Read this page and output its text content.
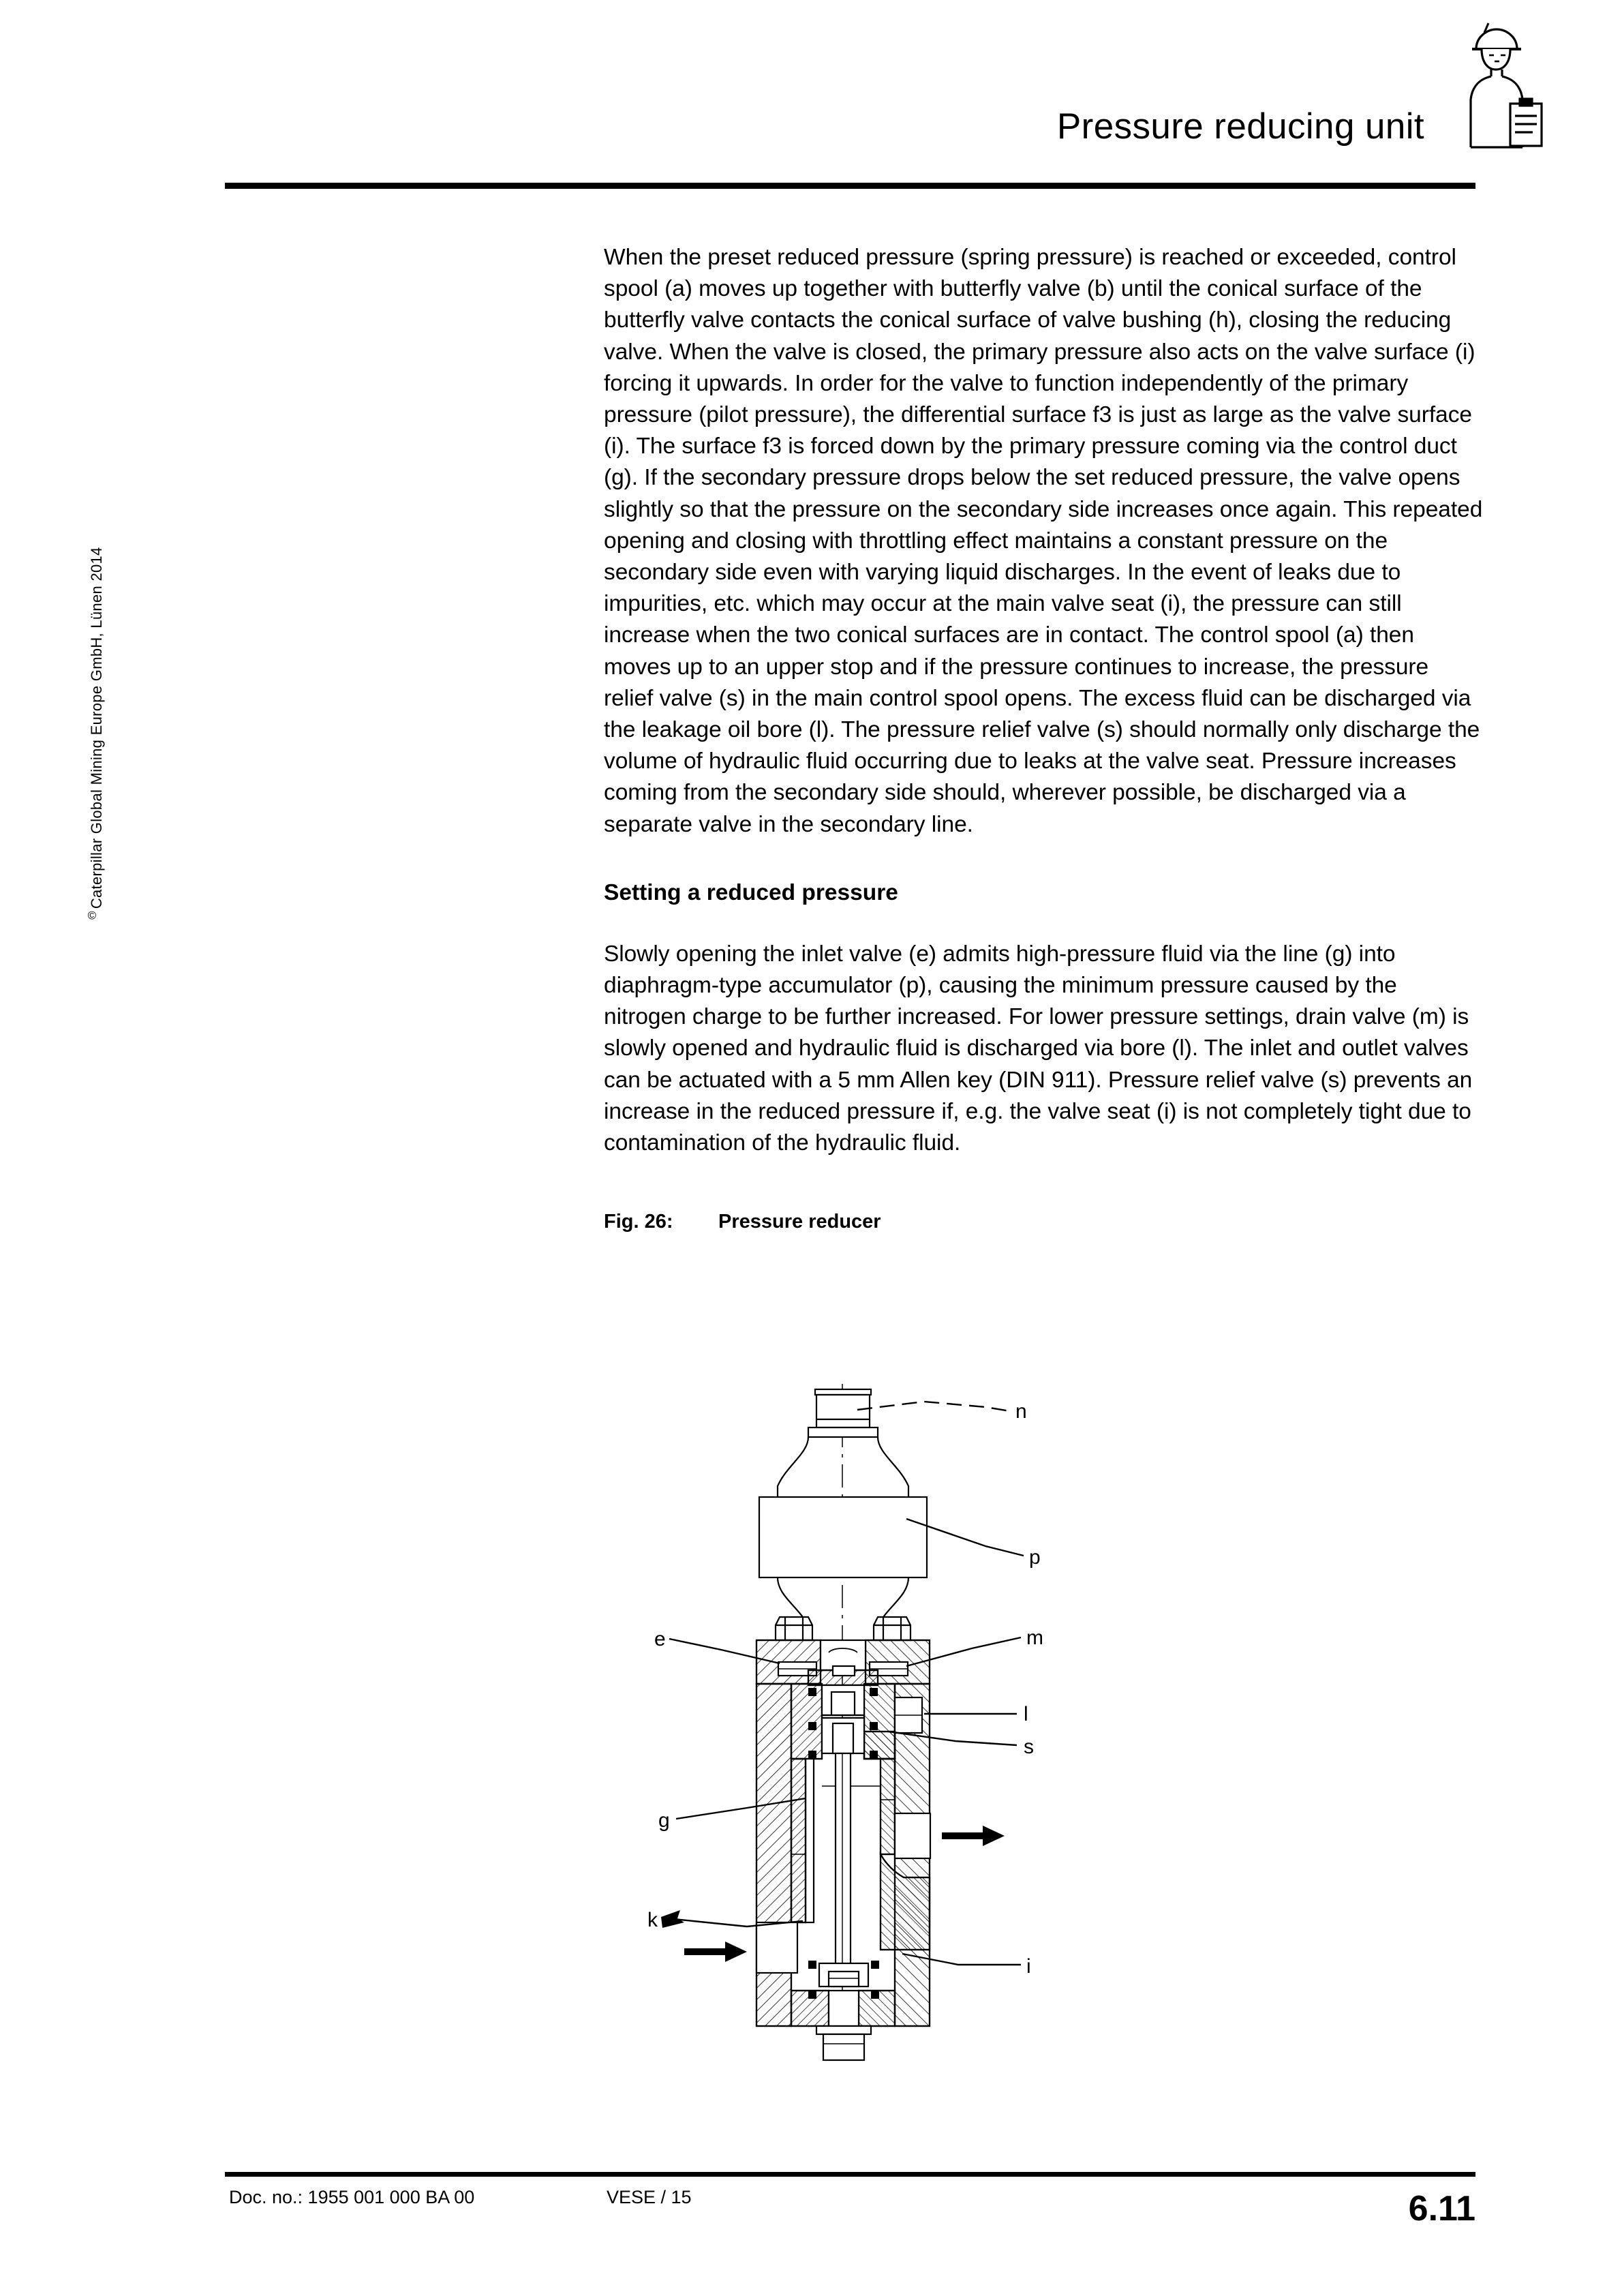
Pressure reducing unit
©Caterpillar Global Mining Europe GmbH, Lünen 2014

When the preset reduced pressure (spring pressure) is reached or exceeded, control spool (a) moves up together with butterfly valve (b) until the conical surface of the butterfly valve contacts the conical surface of valve bushing (h), closing the reducing valve. When the valve is closed, the primary pressure also acts on the valve surface (i) forcing it upwards. In order for the valve to function independently of the primary pressure (pilot pressure), the differential surface f3 is just as large as the valve surface (i). The surface f3 is forced down by the primary pressure coming via the control duct (g). If the secondary pressure drops below the set reduced pressure, the valve opens slightly so that the pressure on the secondary side increases once again. This repeated opening and closing with throttling effect maintains a constant pressure on the secondary side even with varying liquid discharges. In the event of leaks due to impurities, etc. which may occur at the main valve seat (i), the pressure can still increase when the two conical surfaces are in contact. The control spool (a) then moves up to an upper stop and if the pressure continues to increase, the pressure relief valve (s) in the main control spool opens. The excess fluid can be discharged via the leakage oil bore (l). The pressure relief valve (s) should normally only discharge the volume of hydraulic fluid occurring due to leaks at the valve seat. Pressure increases coming from the secondary side should, wherever possible, be discharged via a separate valve in the secondary line.

Setting a reduced pressure

Slowly opening the inlet valve (e) admits high-pressure fluid via the line (g) into diaphragm-type accumulator (p), causing the minimum pressure caused by the nitrogen charge to be further increased. For lower pressure settings, drain valve (m) is slowly opened and hydraulic fluid is discharged via bore (l). The inlet and outlet valves can be actuated with a 5 mm Allen key (DIN 911). Pressure relief valve (s) prevents an increase in the reduced pressure if, e.g. the valve seat (i) is not completely tight due to contamination of the hydraulic fluid.

Fig. 26:	Pressure reducer
n
p
e	m
l
s
g
k
i
Doc. no.: 1955 001 000 BA 00	VESE / 15	6.11
